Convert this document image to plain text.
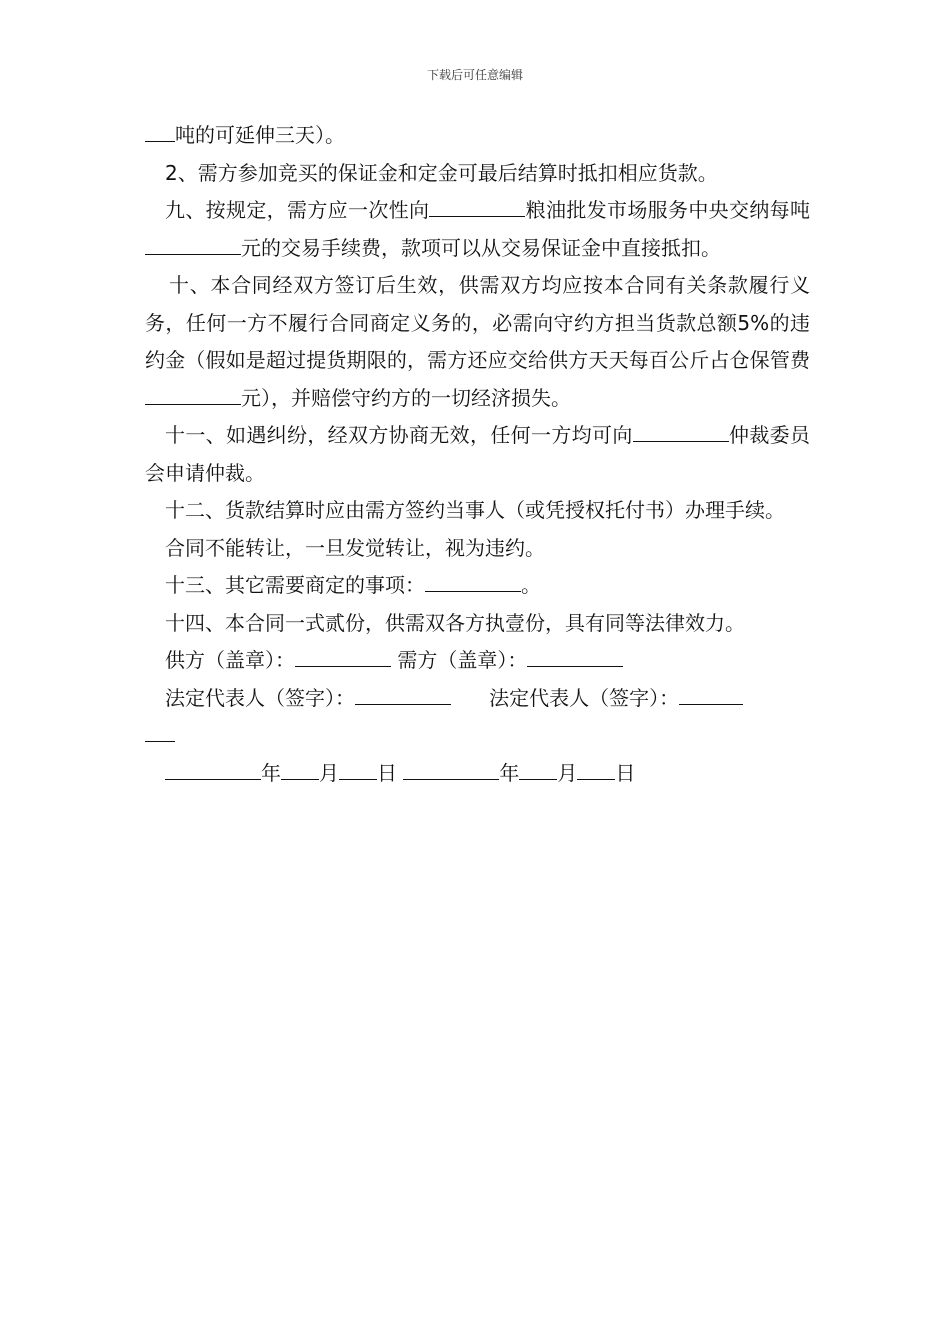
下载后可任意编辑

吨的可延伸三天）。

2、需方参加竞买的保证金和定金可最后结算时抵扣相应货款。

九、按规定，需方应一次性向	粮油批发市场服务中央交纳每吨元的交易手续费，款项可以从交易保证金中直接抵扣。

十、本合同经双方签订后生效，供需双方均应按本合同有关条款履行义务，任何一方不履行合同商定义务的，必需向守约方担当货款总额5%的违约金（假如是超过提货期限的，需方还应交给供方天天每百公斤占仓保管费元），并赔偿守约方的一切经济损失。

十一、如遇纠纷，经双方协商无效，任何一方均可向	仲裁委员会申请仲裁。

十二、货款结算时应由需方签约当事人（或凭授权托付书）办理手续。

合同不能转让，一旦发觉转让，视为违约。

十三、其它需要商定的事项：	。

十四、本合同一式贰份，供需双各方执壹份，具有同等法律效力。

供方（盖章）：	需方（盖章）：

法定代表人（签字）：	法定代表人（签字）：

年 月 日	年 月 日
